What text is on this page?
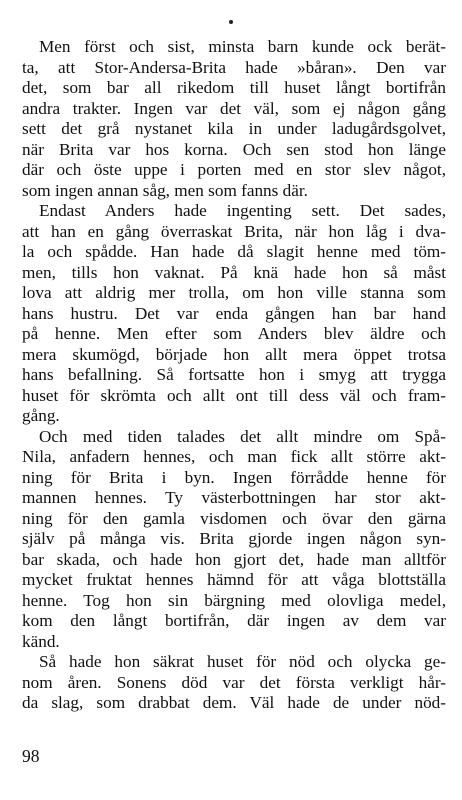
Men först och sist, minsta barn kunde ock berät-
ta, att Stor-Andersa-Brita hade »båran». Den var
det, som bar all rikedom till huset långt bortifrån
andra trakter. Ingen var det väl, som ej någon gång
sett det grå nystanet kila in under ladugårdsgolvet,
när Brita var hos korna. Och sen stod hon länge
där och öste uppe i porten med en stor slev något,
som ingen annan såg, men som fanns där.
Endast Anders hade ingenting sett. Det sades,
att han en gång överraskat Brita, när hon låg i dva-
la och spådde. Han hade då slagit henne med töm-
men, tills hon vaknat. På knä hade hon så måst
lova att aldrig mer trolla, om hon ville stanna som
hans hustru. Det var enda gången han bar hand
på henne. Men efter som Anders blev äldre och
mera skumögd, började hon allt mera öppet trotsa
hans befallning. Så fortsatte hon i smyg att trygga
huset för skrömta och allt ont till dess väl och fram-
gång.
Och med tiden talades det allt mindre om Spå-
Nila, anfadern hennes, och man fick allt större akt-
ning för Brita i byn. Ingen förrådde henne för
mannen hennes. Ty västerbottningen har stor akt-
ning för den gamla visdomen och övar den gärna
själv på många vis. Brita gjorde ingen någon syn-
bar skada, och hade hon gjort det, hade man alltför
mycket fruktat hennes hämnd för att våga blottställa
henne. Tog hon sin bärgning med olovliga medel,
kom den långt bortifrån, där ingen av dem var
känd.
Så hade hon säkrat huset för nöd och olycka ge-
nom åren. Sonens död var det första verkligt hår-
da slag, som drabbat dem. Väl hade de under nöd-
98
